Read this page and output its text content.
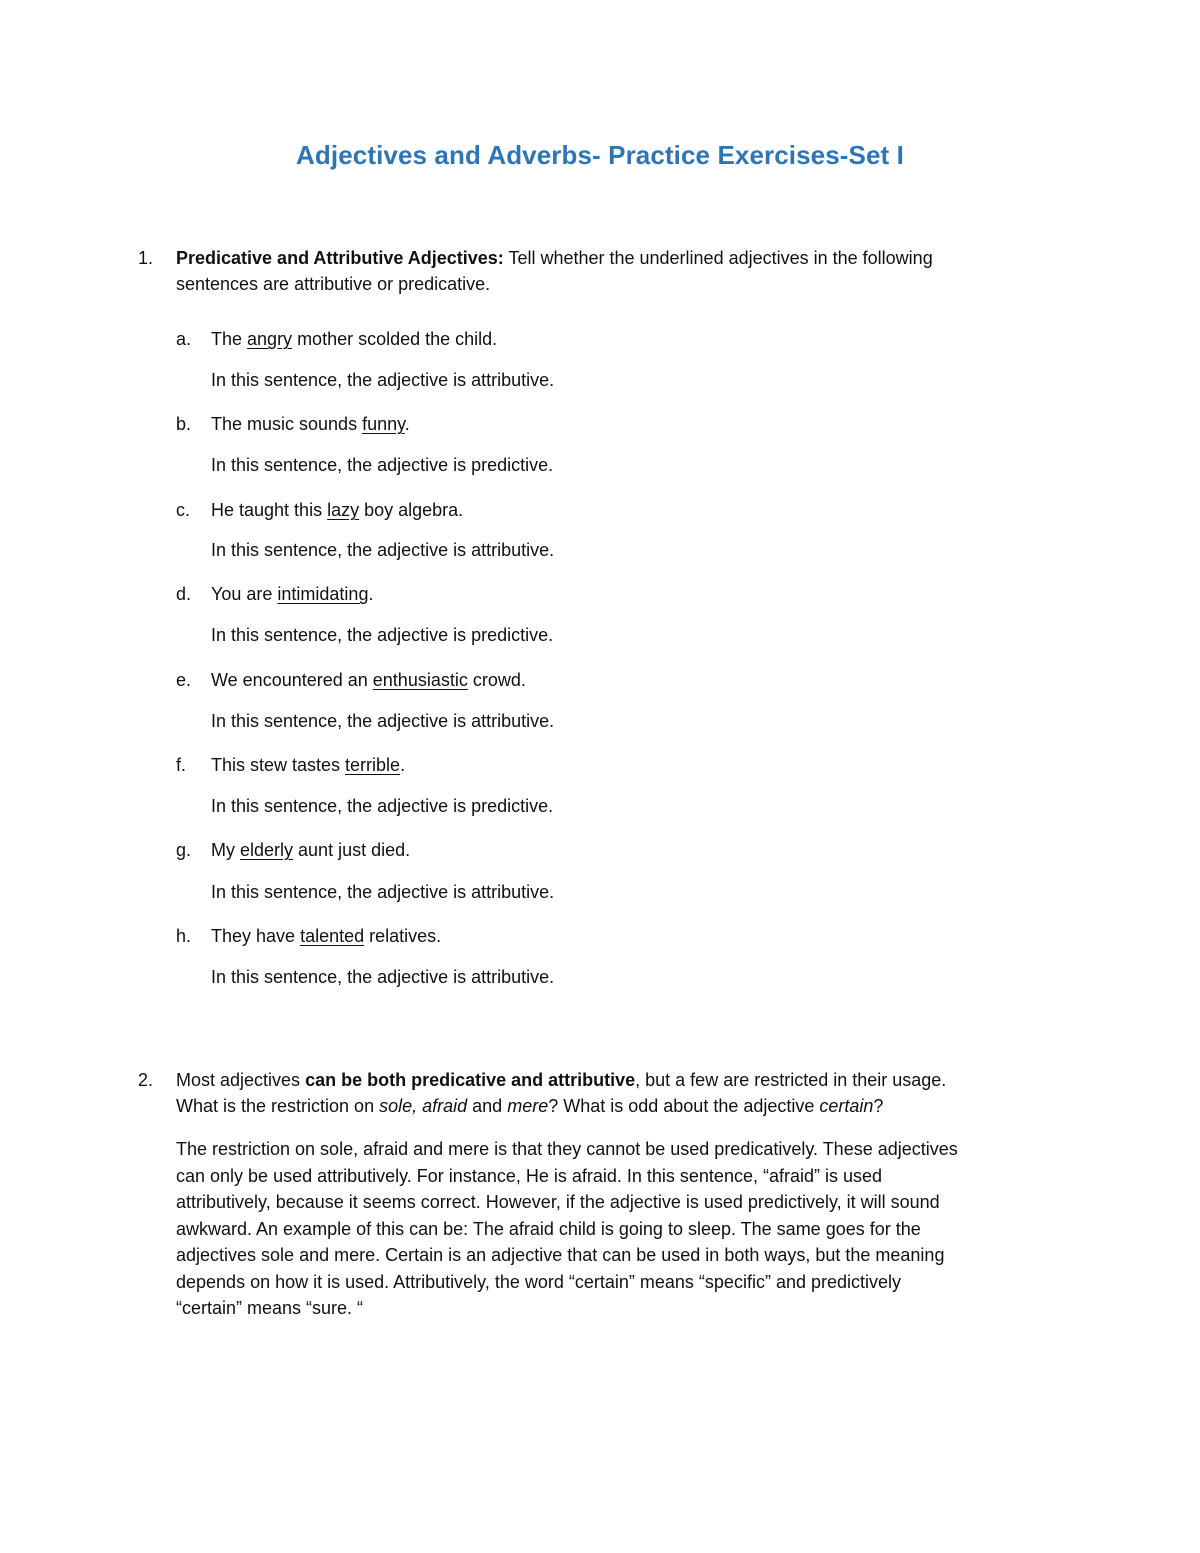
Adjectives and Adverbs- Practice Exercises-Set I
1.	Predicative and Attributive Adjectives: Tell whether the underlined adjectives in the following
sentences are attributive or predicative.
a. The angry mother scolded the child.
In this sentence, the adjective is attributive.
b. The music sounds funny.
In this sentence, the adjective is predictive.
c. He taught this lazy boy algebra.
In this sentence, the adjective is attributive.
d. You are intimidating.
In this sentence, the adjective is predictive.
e. We encountered an enthusiastic crowd.
In this sentence, the adjective is attributive.
f. This stew tastes terrible.
In this sentence, the adjective is predictive.
g. My elderly aunt just died.
In this sentence, the adjective is attributive.
h. They have talented relatives.
In this sentence, the adjective is attributive.
2.	Most adjectives can be both predicative and attributive, but a few are restricted in their usage.
What is the restriction on sole, afraid and mere? What is odd about the adjective certain?
The restriction on sole, afraid and mere is that they cannot be used predicatively. These adjectives
can only be used attributively. For instance, He is afraid. In this sentence, “afraid” is used
attributively, because it seems correct. However, if the adjective is used predictively, it will sound
awkward. An example of this can be: The afraid child is going to sleep. The same goes for the
adjectives sole and mere. Certain is an adjective that can be used in both ways, but the meaning
depends on how it is used. Attributively, the word “certain” means “specific” and predictively
“certain” means “sure. “
